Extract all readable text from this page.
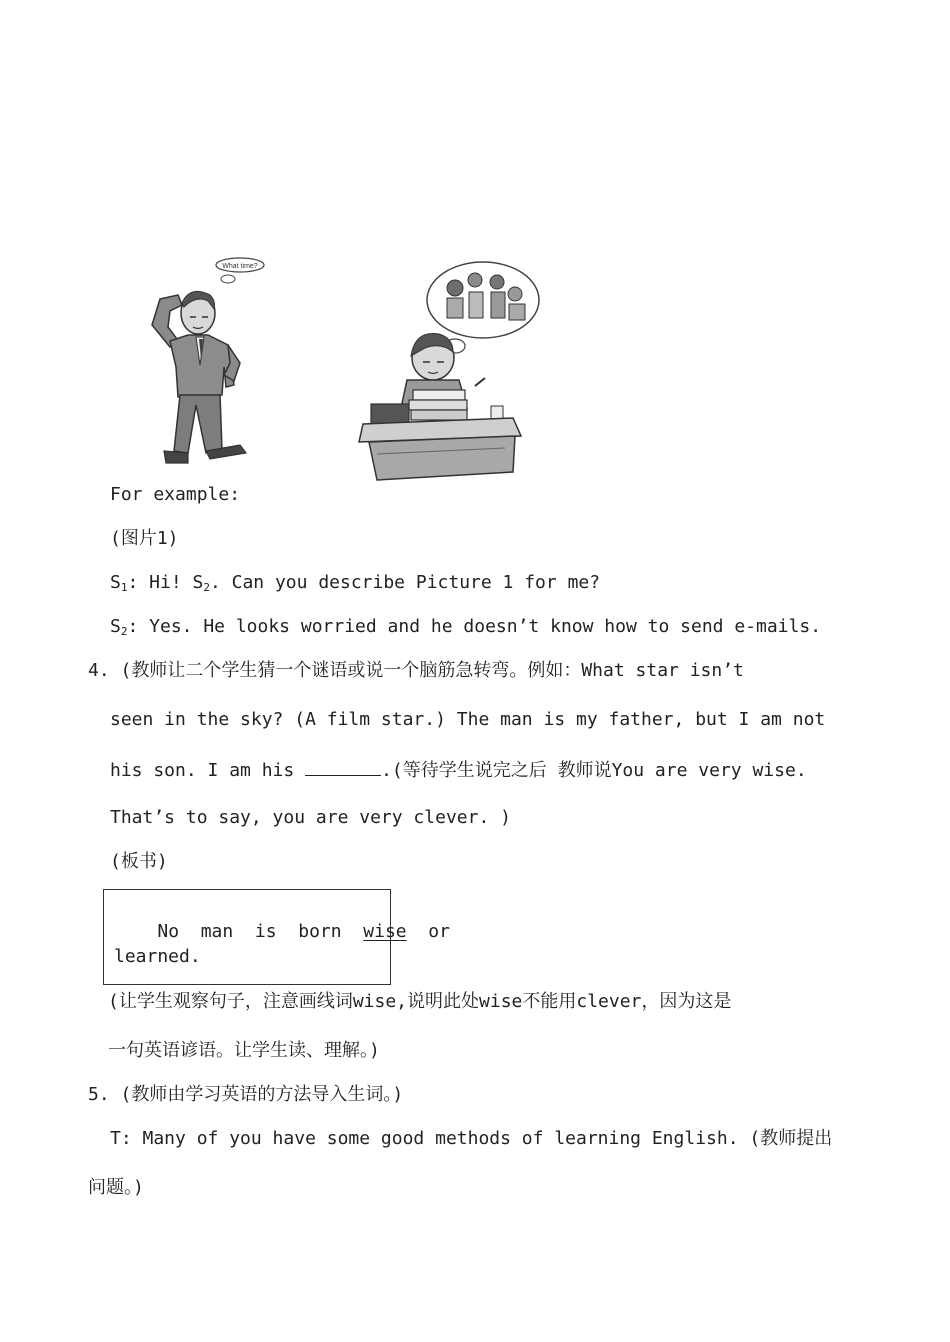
What time?
For example:
(图片1)
$S_1$: Hi! $S_2$. Can you describe Picture 1 for me?
$S_2$: Yes. He looks worried and he doesn’t know how to send e-mails.
4. (教师让二个学生猜一个谜语或说一个脑筋急转弯。例如：What star isn’t
seen in the sky? (A film star.) The man is my father, but I am not
his son. I am his	.(等待学生说完之后 教师说You are very wise.
That’s to say, you are very clever. )
(板书)

No  man  is  born  wise  or

learned.
(让学生观察句子，注意画线词wise,说明此处wise不能用clever，因为这是
一句英语谚语。让学生读、理解。)
5. (教师由学习英语的方法导入生词。)
T: Many of you have some good methods of learning English. (教师提出
问题。)
